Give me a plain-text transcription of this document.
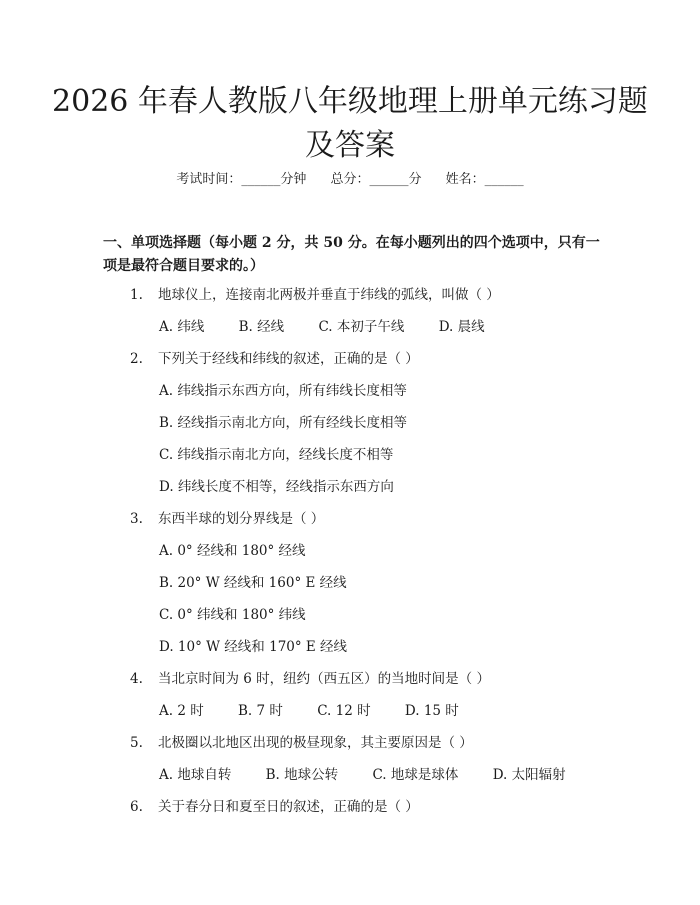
2026 年春人教版八年级地理上册单元练习题
及答案
考试时间：______分钟 总分：______分 姓名：______
一、单项选择题（每小题 2 分，共 50 分。在每小题列出的四个选项中，只有一项是最符合题目要求的。）
1. 地球仪上，连接南北两极并垂直于纬线的弧线，叫做（ ）
A. 纬线	B. 经线	C. 本初子午线	D. 晨线
2. 下列关于经线和纬线的叙述，正确的是（ ）
A. 纬线指示东西方向，所有纬线长度相等
B. 经线指示南北方向，所有经线长度相等
C. 纬线指示南北方向，经线长度不相等
D. 纬线长度不相等，经线指示东西方向
3. 东西半球的划分界线是（ ）
A. 0° 经线和 180° 经线
B. 20° W 经线和 160° E 经线
C. 0° 纬线和 180° 纬线
D. 10° W 经线和 170° E 经线
4. 当北京时间为 6 时，纽约（西五区）的当地时间是（ ）
A. 2 时	B. 7 时	C. 12 时	D. 15 时
5. 北极圈以北地区出现的极昼现象，其主要原因是（ ）
A. 地球自转	B. 地球公转	C. 地球是球体	D. 太阳辐射
6. 关于春分日和夏至日的叙述，正确的是（ ）
